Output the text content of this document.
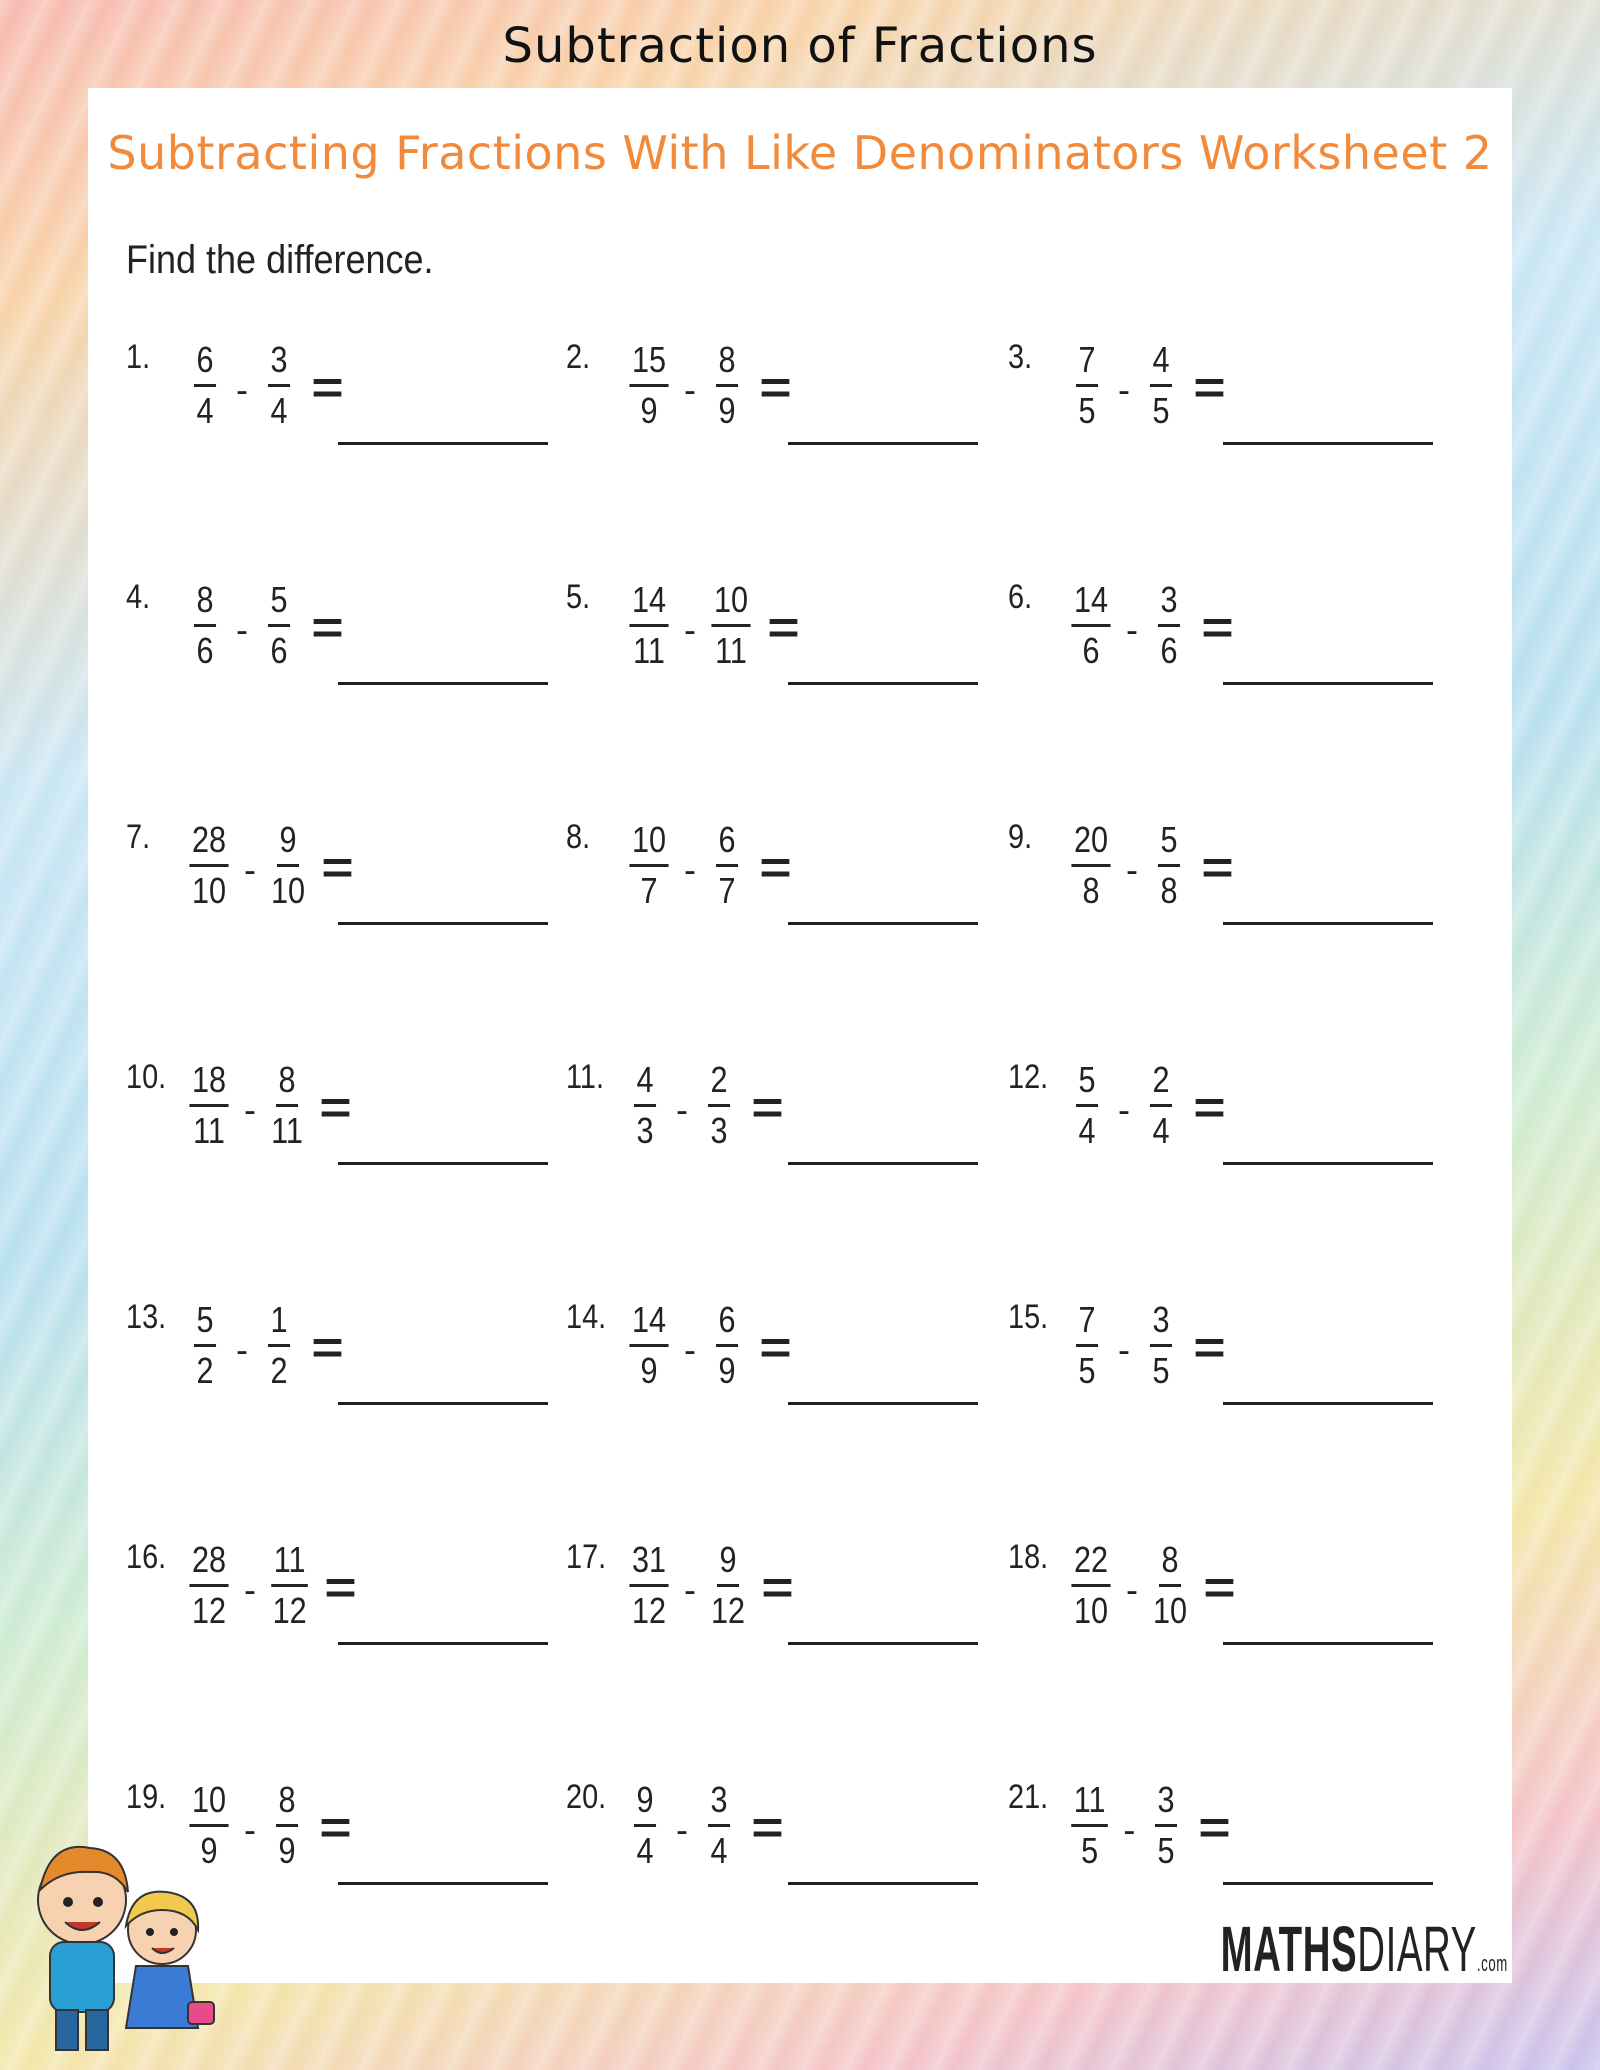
Subtraction of Fractions
Subtracting Fractions With Like Denominators Worksheet 2
Find the difference.
1. $\frac{6}{4} - \frac{3}{4}$ =
2. $\frac{15}{9} - \frac{8}{9}$ =
3. $\frac{7}{5} - \frac{4}{5}$ =
4. $\frac{8}{6} - \frac{5}{6}$ =
5. $\frac{14}{11} - \frac{10}{11}$ =
6. $\frac{14}{6} - \frac{3}{6}$ =
7. $\frac{28}{10} - \frac{9}{10}$ =
8. $\frac{10}{7} - \frac{6}{7}$ =
9. $\frac{20}{8} - \frac{5}{8}$ =
10. $\frac{18}{11} - \frac{8}{11}$ =
11. $\frac{4}{3} - \frac{2}{3}$ =
12. $\frac{5}{4} - \frac{2}{4}$ =
13. $\frac{5}{2} - \frac{1}{2}$ =
14. $\frac{14}{9} - \frac{6}{9}$ =
15. $\frac{7}{5} - \frac{3}{5}$ =
16. $\frac{28}{12} - \frac{11}{12}$ =
17. $\frac{31}{12} - \frac{9}{12}$ =
18. $\frac{22}{10} - \frac{8}{10}$ =
19. $\frac{10}{9} - \frac{8}{9}$ =
20. $\frac{9}{4} - \frac{3}{4}$ =
21. $\frac{11}{5} - \frac{3}{5}$ =
MATHSDIARY.com
